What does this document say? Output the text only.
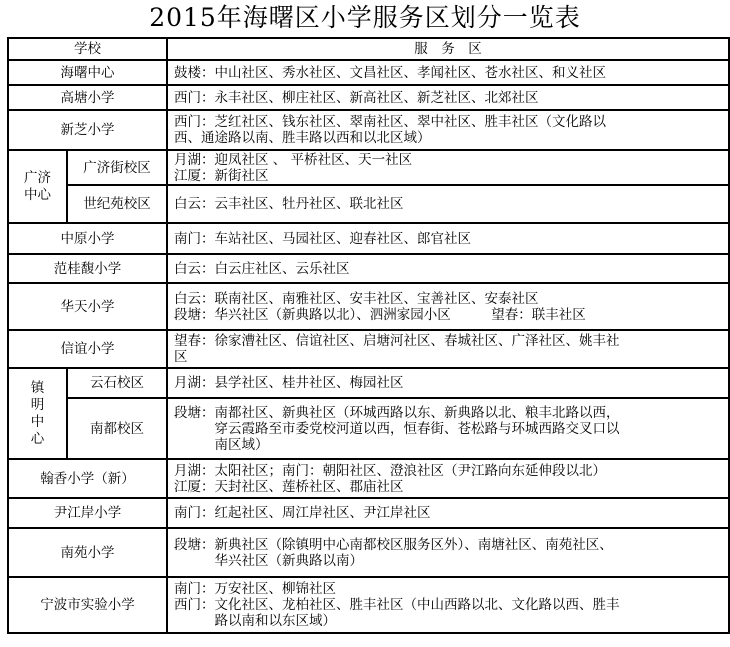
2015年海曙区小学服务区划分一览表
学校		服　务　区
海曙中心		鼓楼：中山社区、秀水社区、文昌社区、孝闻社区、苍水社区、和义社区

高塘小学		西门：永丰社区、柳庄社区、新高社区、新芝社区、北郊社区

新芝小学		西门：芝红社区、钱东社区、翠南社区、翠中社区、胜丰社区（文化路以
西、通途路以南、胜丰路以西和以北区域）

广济中心	广济街校区	月湖：迎凤社区 、 平桥社区、天一社区
江厦：新街社区

	世纪苑校区	白云：云丰社区、牡丹社区、联北社区

中原小学		南门：车站社区、马园社区、迎春社区、郎官社区

范桂馥小学		白云：白云庄社区、云乐社区

华天小学		白云：联南社区、南雅社区、安丰社区、宝善社区、安泰社区
段塘：华兴社区（新典路以北）、泗洲家园小区　　　望春：联丰社区

信谊小学		望春：徐家漕社区、信谊社区、启塘河社区、春城社区、广泽社区、姚丰社
区

镇明中心	云石校区	月湖：县学社区、桂井社区、梅园社区

	南都校区	段塘：南都社区、新典社区（环城西路以东、新典路以北、粮丰北路以西，
　　　穿云霞路至市委党校河道以西，恒春街、苍松路与环城西路交叉口以
　　　南区域）

翰香小学（新）		月湖：太阳社区；南门：朝阳社区、澄浪社区（尹江路向东延伸段以北）
江厦：天封社区、莲桥社区、郡庙社区

尹江岸小学		南门：红起社区、周江岸社区、尹江岸社区

南苑小学		段塘：新典社区（除镇明中心南都校区服务区外）、南塘社区、南苑社区、
　　　华兴社区（新典路以南）

宁波市实验小学		南门：万安社区、柳锦社区
西门：文化社区、龙柏社区、胜丰社区（中山西路以北、文化路以西、胜丰
　　　路以南和以东区域）
